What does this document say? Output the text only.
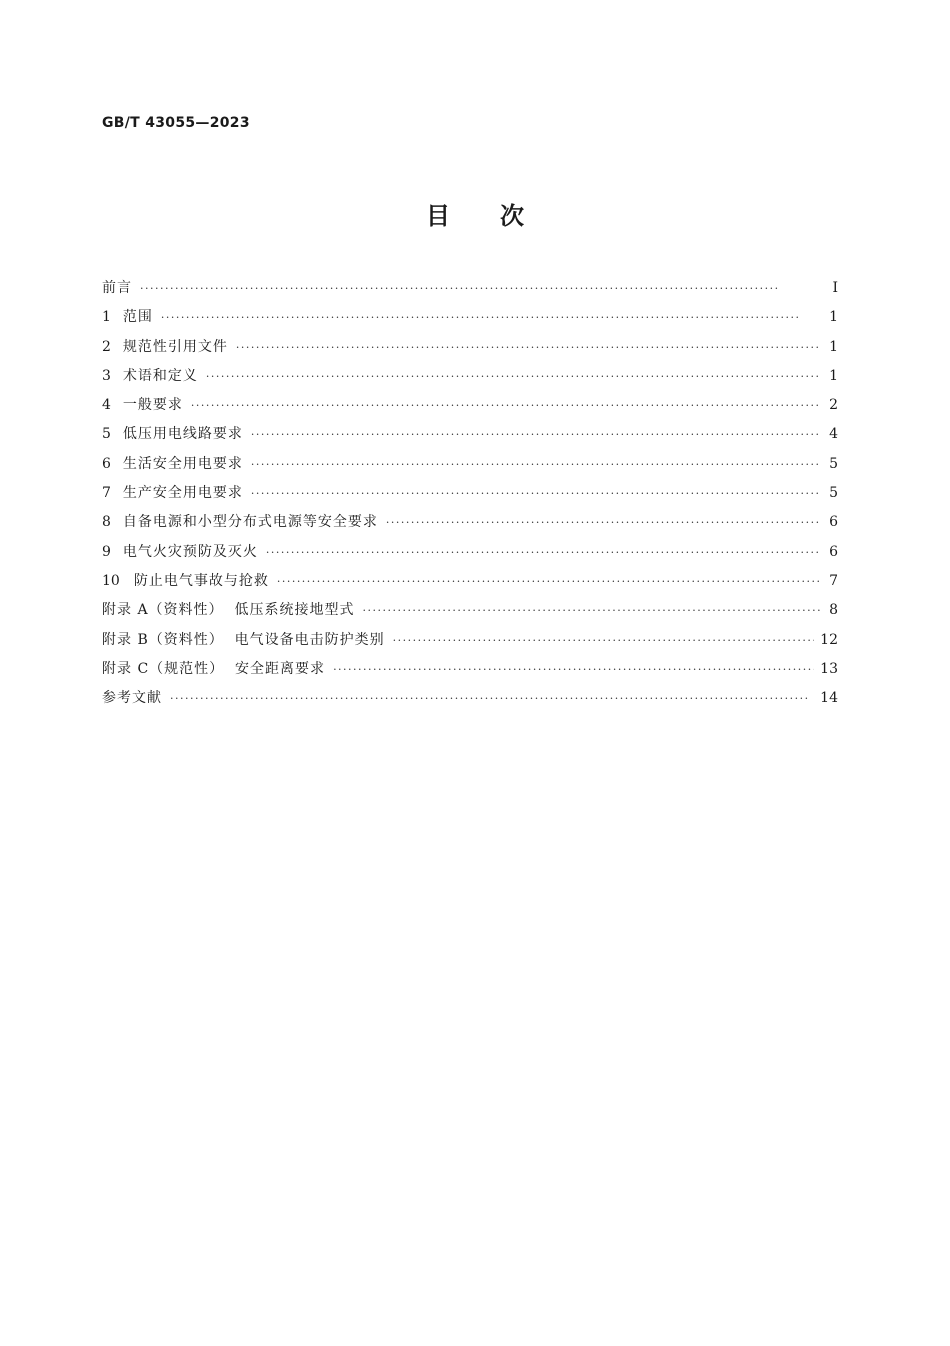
GB/T 43055—2023
目次
前言 ·····	I
1 范围 ·····	1
2 规范性引用文件 ·····	1
3 术语和定义 ·····	1
4 一般要求 ·····	2
5 低压用电线路要求 ·····	4
6 生活安全用电要求 ·····	5
7 生产安全用电要求 ·····	5
8 自备电源和小型分布式电源等安全要求 ·····	6
9 电气火灾预防及灭火 ·····	6
10 防止电气事故与抢救 ·····	7
附录 A（资料性）  低压系统接地型式 ·····	8
附录 B（资料性）  电气设备电击防护类别 ·····	12
附录 C（规范性）  安全距离要求 ·····	13
参考文献 ·····	14
